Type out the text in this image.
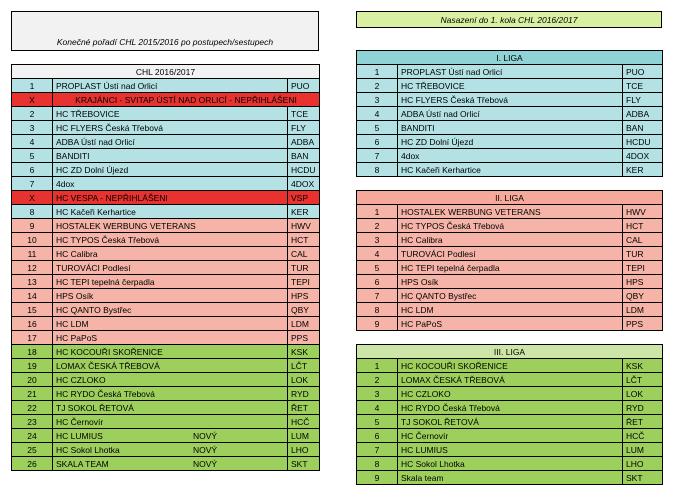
Konečné pořadí CHL 2015/2016 po postupech/sestupech
Nasazení do 1. kola CHL 2016/2017
CHL 2016/2017		
1	PROPLAST Ústí nad Orlicí	PUO
X	KRAJÁNCI - SVITAP ÚSTÍ NAD ORLICÍ - NEPŘIHLÁŠENI	
2	HC TŘEBOVICE	TCE
3	HC FLYERS Česká Třebová	FLY
4	ADBA Ústí nad Orlicí	ADBA
5	BANDITI	BAN
6	HC ZD Dolní Újezd	HCDU
7	4dox	4DOX
X	HC VESPA - NEPŘIHLÁŠENI	VSP
8	HC Kačeři Kerhartice	KER
9	HOSTALEK WERBUNG VETERANS	HWV
10	HC TYPOS Česká Třebová	HCT
11	HC Calibra	CAL
12	TUROVÁCI Podlesí	TUR
13	HC TEPI tepelná čerpadla	TEPI
14	HPS Osík	HPS
15	HC QANTO Bystřec	QBY
16	HC LDM	LDM
17	HC PaPoS	PPS
18	HC KOCOUŘI SKOŘENICE	KSK
19	LOMAX ČESKÁ TŘEBOVÁ	LČT
20	HC CZLOKO	LOK
21	HC RYDO Česká Třebová	RYD
22	TJ SOKOL ŘETOVÁ	ŘET
23	HC Černovír	HCČ
24	HC LUMIUS NOVÝ	LUM
25	HC Sokol Lhotka NOVÝ	LHO
26	SKALA TEAM NOVÝ	SKT
I. LIGA		
1	PROPLAST Ústí nad Orlicí	PUO
2	HC TŘEBOVICE	TCE
3	HC FLYERS Česká Třebová	FLY
4	ADBA Ústí nad Orlicí	ADBA
5	BANDITI	BAN
6	HC ZD Dolní Újezd	HCDU
7	4dox	4DOX
8	HC Kačeři Kerhartice	KER
II. LIGA		
1	HOSTALEK WERBUNG VETERANS	HWV
2	HC TYPOS Česká Třebová	HCT
3	HC Calibra	CAL
4	TUROVÁCI Podlesí	TUR
5	HC TEPI tepelná čerpadla	TEPI
6	HPS Osík	HPS
7	HC QANTO Bystřec	QBY
8	HC LDM	LDM
9	HC PaPoS	PPS
III. LIGA		
1	HC KOCOUŘI SKOŘENICE	KSK
2	LOMAX ČESKÁ TŘEBOVÁ	LČT
3	HC CZLOKO	LOK
4	HC RYDO Česká Třebová	RYD
5	TJ SOKOL ŘETOVÁ	ŘET
6	HC Černovír	HCČ
7	HC LUMIUS	LUM
8	HC Sokol Lhotka	LHO
9	Skala team	SKT
